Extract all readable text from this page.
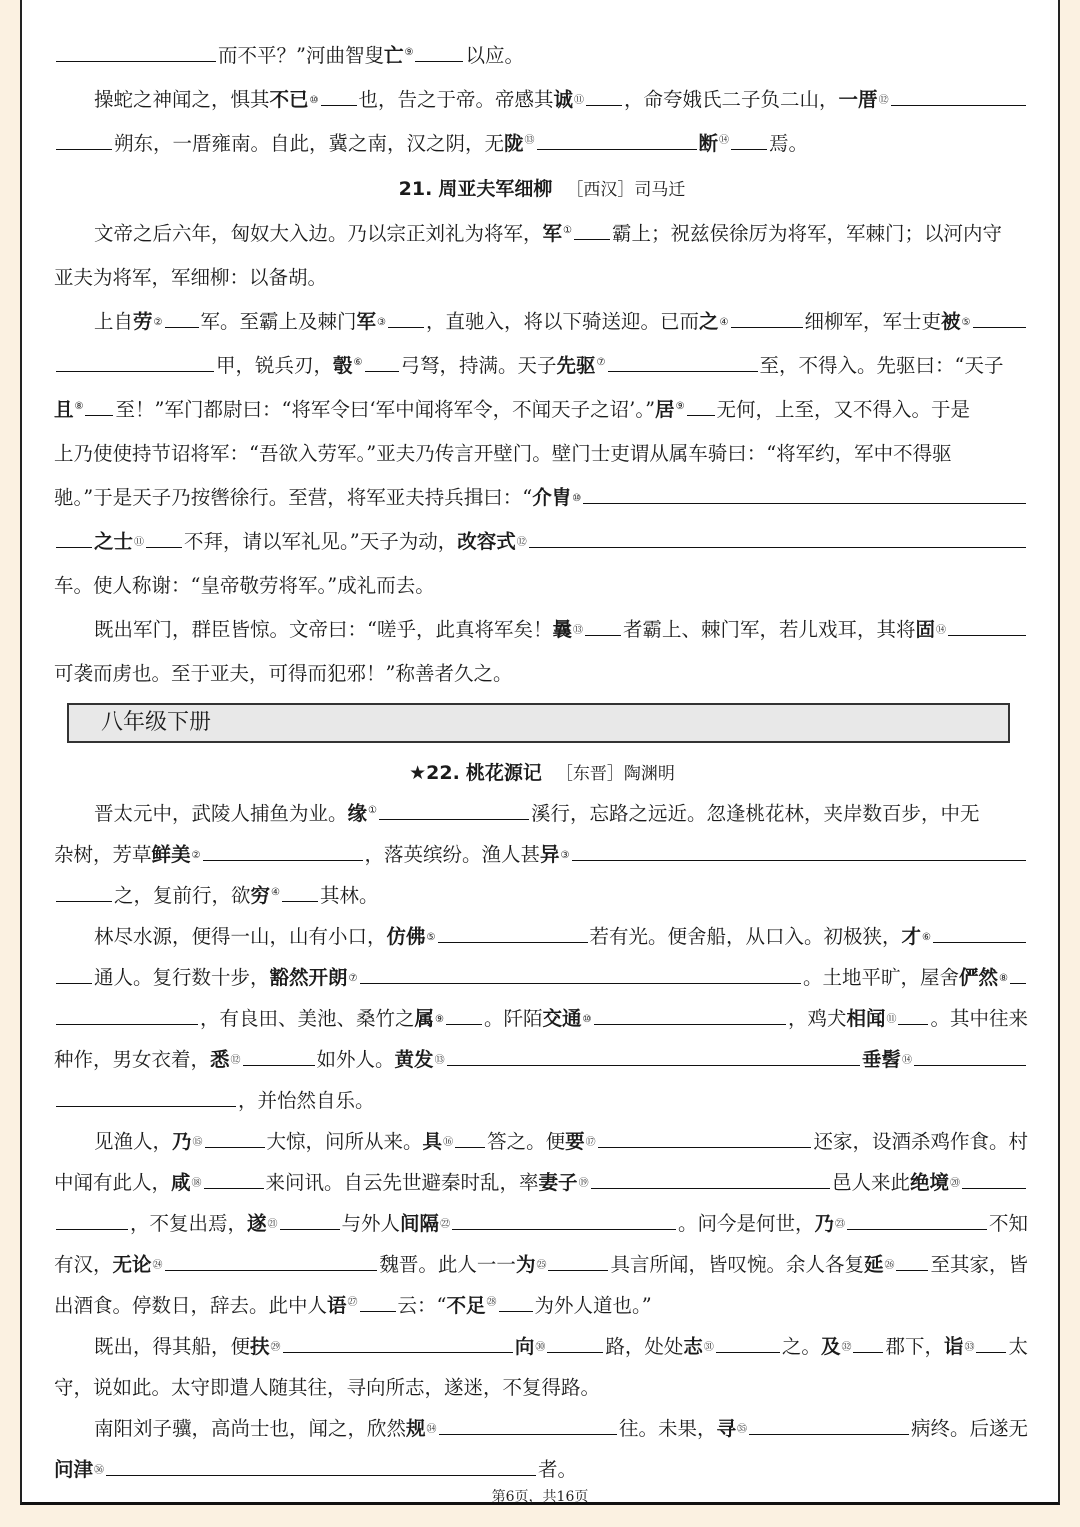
而不平？”河曲智叟亡⑨	以应。
操蛇之神闻之，惧其 不已⑩ 也，告之于帝。帝感其 诚⑪ ，命夸娥氏二子负二山， 一厝⑫
朔东，一厝雍南。自此，冀之南，汉之阴，无陇⑬	断⑭ 焉。
21. 周亚夫军细柳 ［西汉］司马迁
文帝之后六年，匈奴大入边。乃以宗正刘礼为将军，军① 霸上；祝兹侯徐厉为将军，军棘门；以河内守
亚夫为将军，军细柳：以备胡。
上自 劳② 军。至霸上及棘门 军③ ，直驰入，将以下骑送迎。已而 之④	细柳军，军士吏 被⑤
甲，锐兵刃，彀⑥ 弓弩，持满。天子先驱⑦	至，不得入。先驱曰：“天子
且⑧ 至！”军门都尉曰：“将军令曰‘军中闻将军令，不闻天子之诏’。”居⑨ 无何，上至，又不得入。于是
上乃使使持节诏将军：“吾欲入劳军。”亚夫乃传言开壁门。壁门士吏谓从属车骑曰：“将军约，军中不得驱
驰。”于是天子乃按辔徐行。至营，将军亚夫持兵揖曰：“ 介胄⑩
之士⑪ 不拜，请以军礼见。”天子为动， 改容式⑫
车。使人称谢：“皇帝敬劳将军。”成礼而去。
既出军门，群臣皆惊。文帝曰：“嗟乎，此真将军矣！ 曩⑬ 者霸上、棘门军，若儿戏耳，其将 固⑭
可袭而虏也。至于亚夫，可得而犯邪！”称善者久之。
八年级下册
★22. 桃花源记 ［东晋］陶渊明
晋太元中，武陵人捕鱼为业。缘①	溪行，忘路之远近。忽逢桃花林，夹岸数百步，中无
杂树，芳草 鲜美②	，落英缤纷。渔人甚 异③
之，复前行，欲穷④ 其林。
林尽水源，便得一山，山有小口， 仿佛⑤	若有光。便舍船，从口入。初极狭， 才⑥
通人。复行数十步， 豁然开朗⑦	。土地平旷，屋舍 俨然⑧
，有良田、美池、桑竹之 属⑨ 。阡陌 交通⑩	，鸡犬 相闻⑪ 。其中往来
种作，男女衣着， 悉⑫	如外人。 黄发⑬	垂髫⑭
，并怡然自乐。
见渔人， 乃⑮	大惊，问所从来。 具⑯ 答之。便 要⑰	还家，设酒杀鸡作食。村
中闻有此人， 咸⑱	来问讯。自云先世避秦时乱，率 妻子⑲	邑人来此 绝境⑳
，不复出焉， 遂$^㉑$	与外人 间隔$^㉒$	。问今是何世， 乃$^㉓$	不知
有汉， 无论$^㉔$	魏晋。此人一一 为$^㉕$	具言所闻，皆叹惋。余人各复 延$^㉖$ 至其家，皆
出酒食。停数日，辞去。此中人语$^㉗$ 云：“不足$^㉘$ 为外人道也。”
既出，得其船，便 扶$^㉙$	向$^㉚$	路，处处 志$^㉛$	之。 及$^㉜$ 郡下， 诣$^㉝$ 太
守，说如此。太守即遣人随其往，寻向所志，遂迷，不复得路。
南阳刘子骥，高尚士也，闻之，欣然 规$^㉞$	往。未果， 寻$^㉟$	病终。后遂无
问津$^㊱$	者。
第6页，共16页
